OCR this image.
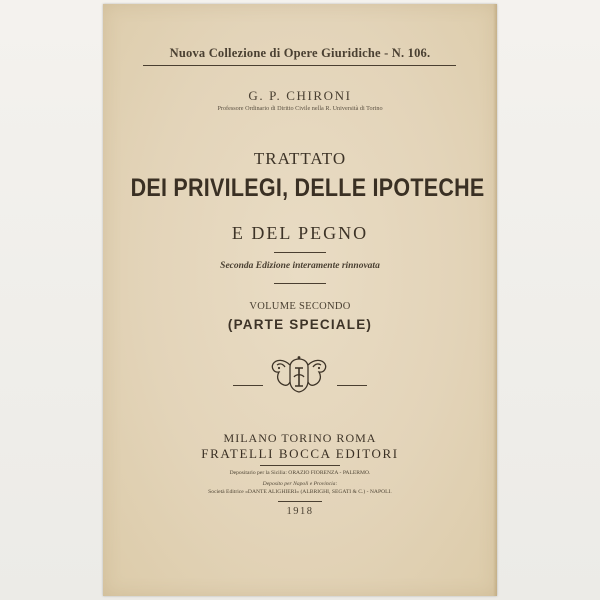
Nuova Collezione di Opere Giuridiche - N. 106.
G. P. CHIRONI
Professore Ordinario di Diritto Civile nella R. Università di Torino
TRATTATO
DEI PRIVILEGI, DELLE IPOTECHE
E DEL PEGNO
Seconda Edizione interamente rinnovata
VOLUME SECONDO
(PARTE SPECIALE)
MILANO TORINO ROMA
FRATELLI BOCCA EDITORI
Depositario per la Sicilia: ORAZIO FIORENZA - PALERMO.
Deposito per Napoli e Provincia:
Società Editrice «DANTE ALIGHIERI» (ALBRIGHI, SEGATI & C.) - NAPOLI.
1918
